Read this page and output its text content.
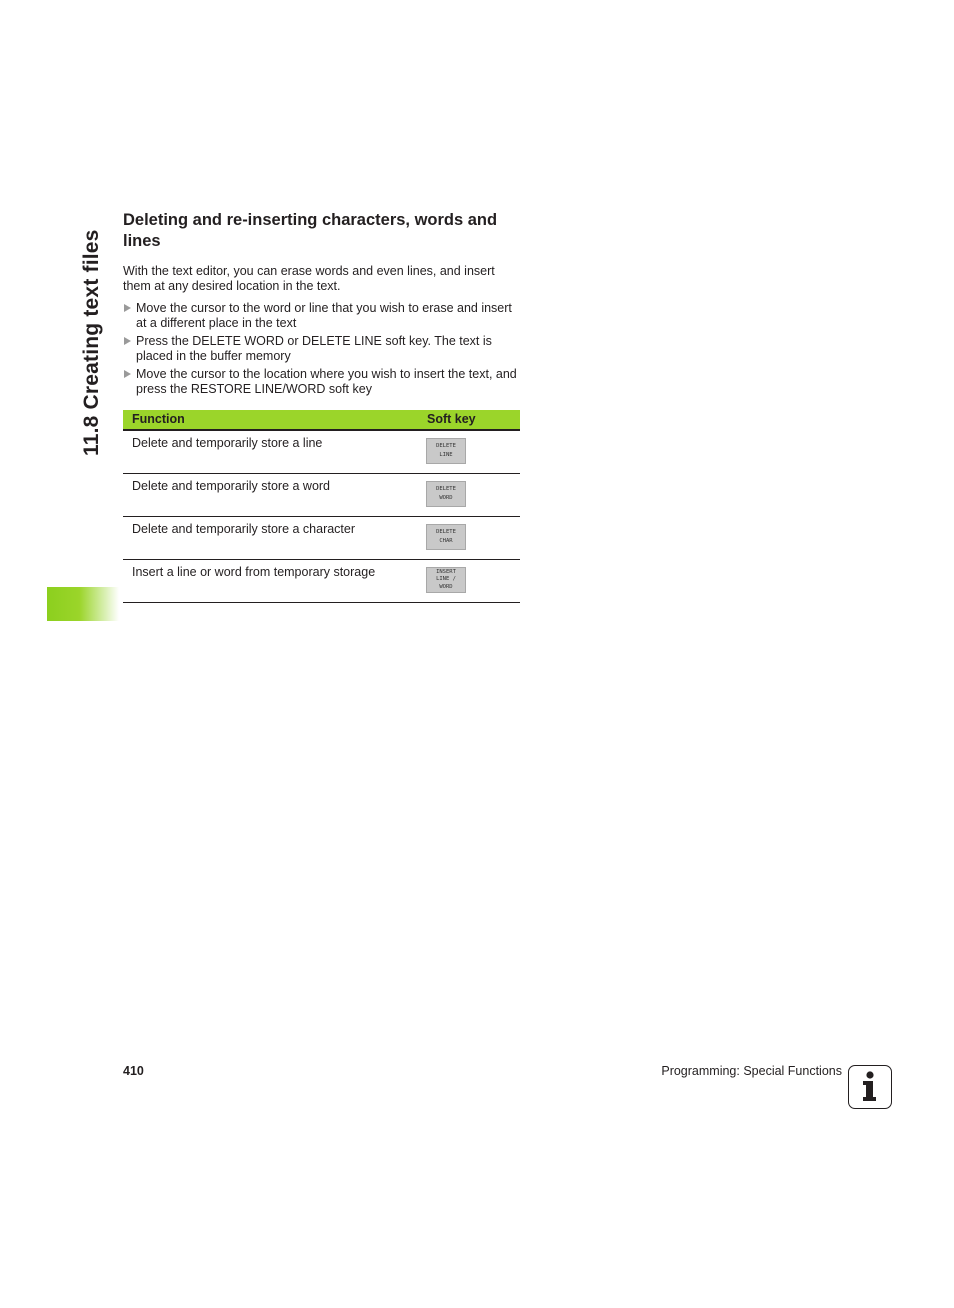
11.8 Creating text files
Deleting and re-inserting characters, words and lines

With the text editor, you can erase words and even lines, and insert them at any desired location in the text.

Move the cursor to the word or line that you wish to erase and insert at a different place in the text
Press the DELETE WORD or DELETE LINE soft key. The text is placed in the buffer memory
Move the cursor to the location where you wish to insert the text, and press the RESTORE LINE/WORD soft key
Function	Soft key
Delete and temporarily store a line	DELETE
LINE
Delete and temporarily store a word	DELETE
WORD
Delete and temporarily store a character	DELETE
CHAR
Insert a line or word from temporary storage	INSERT
LINE /
WORD
410	Programming: Special Functions
